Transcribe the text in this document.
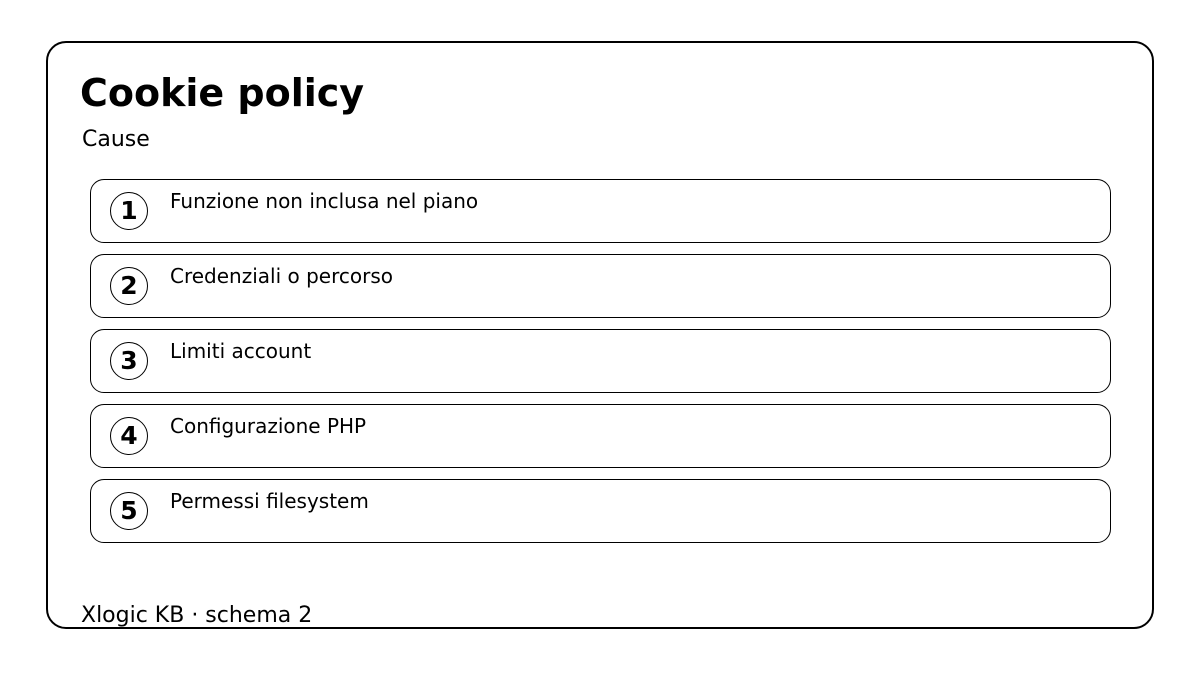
Cookie policy
Cause
1	Funzione non inclusa nel piano
2	Credenziali o percorso
3	Limiti account
4	Configurazione PHP
5	Permessi filesystem
Xlogic KB · schema 2
